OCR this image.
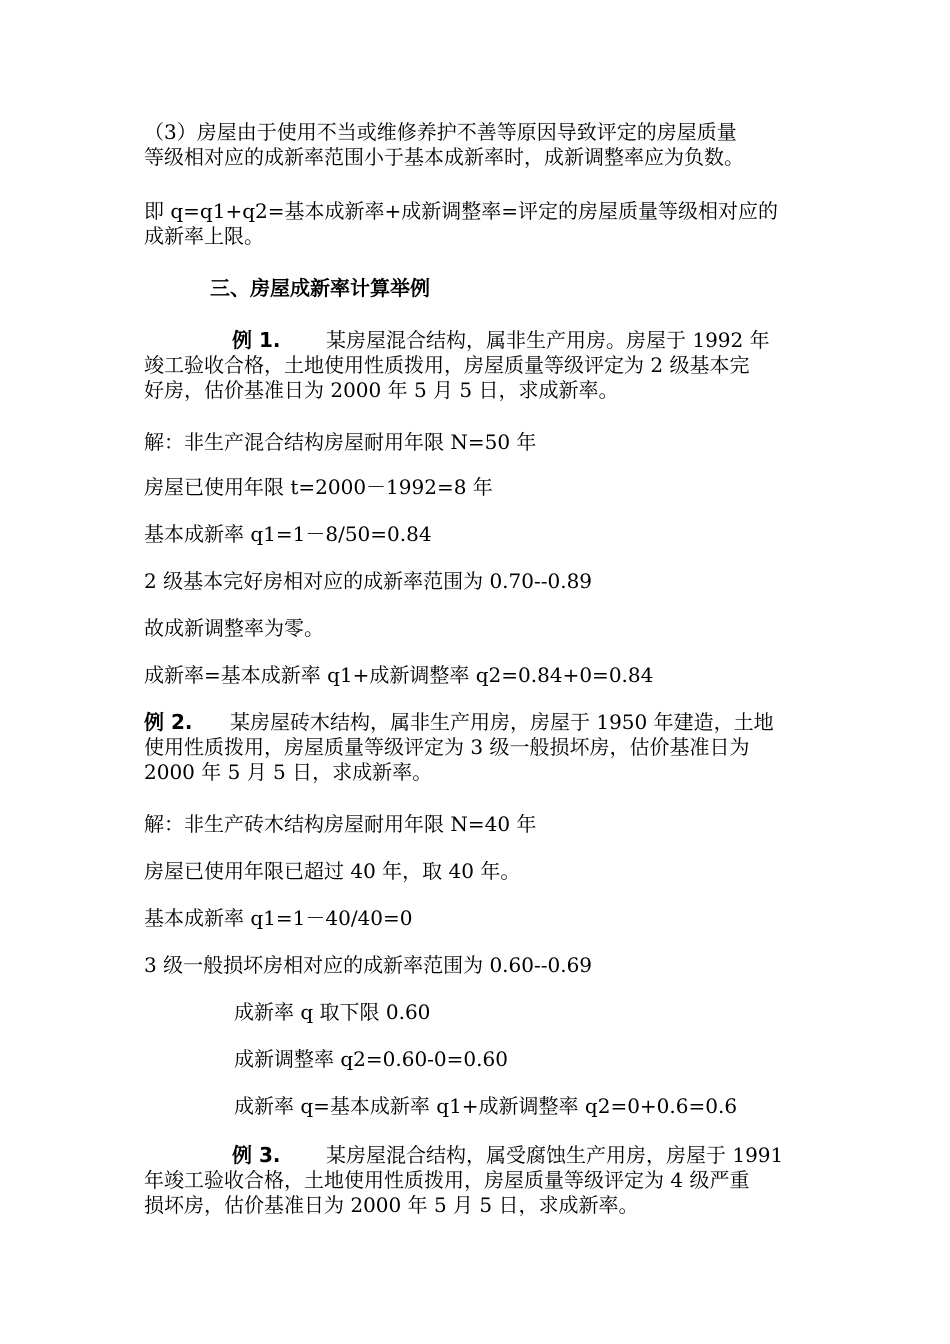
（3）房屋由于使用不当或维修养护不善等原因导致评定的房屋质量

等级相对应的成新率范围小于基本成新率时，成新调整率应为负数。

即 q=q1+q2=基本成新率+成新调整率=评定的房屋质量等级相对应的

成新率上限。

三、房屋成新率计算举例

例 1. 某房屋混合结构，属非生产用房。房屋于 1992 年

竣工验收合格，土地使用性质拨用，房屋质量等级评定为 2 级基本完

好房，估价基准日为 2000 年 5 月 5 日，求成新率。

解：非生产混合结构房屋耐用年限 N=50 年

房屋已使用年限 t=2000－1992=8 年

基本成新率 q1=1－8/50=0.84

2 级基本完好房相对应的成新率范围为 0.70--0.89

故成新调整率为零。

成新率=基本成新率 q1+成新调整率 q2=0.84+0=0.84

例 2. 某房屋砖木结构，属非生产用房，房屋于 1950 年建造，土地

使用性质拨用，房屋质量等级评定为 3 级一般损坏房，估价基准日为

2000 年 5 月 5 日，求成新率。

解：非生产砖木结构房屋耐用年限 N=40 年

房屋已使用年限已超过 40 年，取 40 年。

基本成新率 q1=1－40/40=0

3 级一般损坏房相对应的成新率范围为 0.60--0.69

成新率 q 取下限 0.60

成新调整率 q2=0.60-0=0.60

成新率 q=基本成新率 q1+成新调整率 q2=0+0.6=0.6

例 3. 某房屋混合结构，属受腐蚀生产用房，房屋于 1991

年竣工验收合格，土地使用性质拨用，房屋质量等级评定为 4 级严重

损坏房，估价基准日为 2000 年 5 月 5 日，求成新率。
